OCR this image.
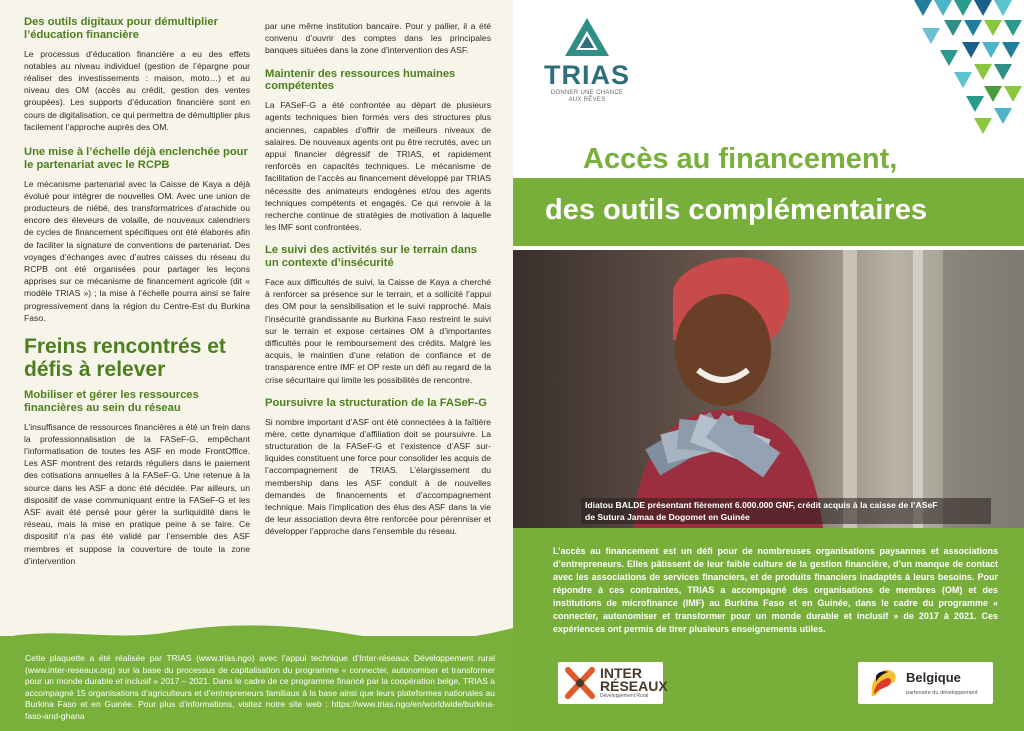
Des outils digitaux pour démultiplier l’éducation financière
Le processus d’éducation financière a eu des effets notables au niveau individuel (gestion de l’épargne pour réaliser des investissements : maison, moto…) et au niveau des OM (accès au crédit, gestion des ventes groupées). Les supports d’éducation financière sont en cours de digitalisation, ce qui permettra de démultiplier plus facilement l’approche auprès des OM.
Une mise à l’échelle déjà enclenchée pour le partenariat avec le RCPB
Le mécanisme partenarial avec la Caisse de Kaya a déjà évolué pour intégrer de nouvelles OM. Avec une union de producteurs de niébé, des transformatrices d’arachide ou encore des éleveurs de volaille, de nouveaux calendriers de cycles de financement spécifiques ont été élaborés afin de faciliter la signature de conventions de partenariat. Des voyages d’échanges avec d’autres caisses du réseau du RCPB ont été organisées pour partager les leçons apprises sur ce mécanisme de financement agricole (dit « modèle TRIAS ») ; la mise à l’échelle pourra ainsi se faire progressivement dans la région du Centre-Est du Burkina Faso.
Freins rencontrés et défis à relever
Mobiliser et gérer les ressources financières au sein du réseau
L’insuffisance de ressources financières a été un frein dans la professionnalisation de la FASeF-G, empêchant l’informatisation de toutes les ASF en mode FrontOffice. Les ASF montrent des retards réguliers dans le paiement des cotisations annuelles à la FASeF-G. Une retenue à la source dans les ASF a donc été décidée. Par ailleurs, un dispositif de vase communiquant entre la FASeF-G et les ASF avait été pensé pour gérer la surliquidité dans le réseau, mais la mise en pratique peine à se faire. Ce dispositif n’a pas été validé par l’ensemble des ASF membres et suppose la couverture de toute la zone d’intervention
par une même institution bancaire. Pour y pallier, il a été convenu d’ouvrir des comptes dans les principales banques situées dans la zone d’intervention des ASF.
Maintenir des ressources humaines compétentes
La FASeF-G a été confrontée au départ de plusieurs agents techniques bien formés vers des structures plus anciennes, capables d’offrir de meilleurs niveaux de salaires. De nouveaux agents ont pu être recrutés, avec un appui financier dégressif de TRIAS, et rapidement renforcés en capacités techniques. Le mécanisme de facilitation de l’accès au financement développé par TRIAS nécessite des animateurs endogènes et/ou des agents techniques compétents et engagés. Ce qui renvoie à la recherche continue de stratégies de motivation à laquelle les IMF sont confrontées.
Le suivi des activités sur le terrain dans un contexte d’insécurité
Face aux difficultés de suivi, la Caisse de Kaya a cherché à renforcer sa présence sur le terrain, et a sollicité l’appui des OM pour la sensibilisation et le suivi rapproché. Mais l’insécurité grandissante au Burkina Faso restreint le suivi sur le terrain et expose certaines OM à d’importantes difficultés pour le remboursement des crédits. Malgré les acquis, le maintien d’une relation de confiance et de transparence entre IMF et OP reste un défi au regard de la crise sécuritaire qui limite les possibilités de rencontre.
Poursuivre la structuration de la FASeF-G
Si nombre important d’ASF ont été connectées à la faîtière mère, cette dynamique d’affiliation doit se poursuivre. La structuration de la FASeF-G et l’existence d’ASF sur-liquides constituent une force pour consolider les acquis de l’accompagnement de TRIAS. L’élargissement du membership dans les ASF conduit à de nouvelles demandes de financements et d’accompagnement technique. Mais l’implication des élus des ASF dans la vie de leur association devra être renforcée pour pérenniser et développer l’approche dans l’ensemble du réseau.
Cette plaquette a été réalisée par TRIAS (www.trias.ngo) avec l’appui technique d’Inter-réseaux Développement rural (www.inter-reseaux.org) sur la base du processus de capitalisation du programme « connecter, autonomiser et transformer pour un monde durable et inclusif » 2017 – 2021. Dans le cadre de ce programme financé par la coopération belge, TRIAS a accompagné 15 organisations d’agriculteurs et d’entrepreneurs familiaux à la base ainsi que leurs plateformes nationales au Burkina Faso et en Guinée. Pour plus d’informations, visitez notre site web : https://www.trias.ngo/en/worldwide/burkina-faso-and-ghana
TRIAS
DONNER UNE CHANCE
AUX RÊVES
Accès au financement,
des outils complémentaires
Idiatou BALDE présentant fièrement 6.000.000 GNF, crédit acquis à la caisse de l’ASeF
de Sutura Jamaa de Dogomet en Guinée
L’accès au financement est un défi pour de nombreuses organisations paysannes et associations d’entrepreneurs. Elles pâtissent de leur faible culture de la gestion financière, d’un manque de contact avec les associations de services financiers, et de produits financiers inadaptés à leurs besoins. Pour répondre à ces contraintes, TRIAS a accompagné des organisations de membres (OM) et des institutions de microfinance (IMF) au Burkina Faso et en Guinée, dans le cadre du programme « connecter, autonomiser et transformer pour un monde durable et inclusif » de 2017 à 2021. Ces expériences ont permis de tirer plusieurs enseignements utiles.
INTER
RÉSEAUX
Développement Rural
Belgique
partenaire du développement
